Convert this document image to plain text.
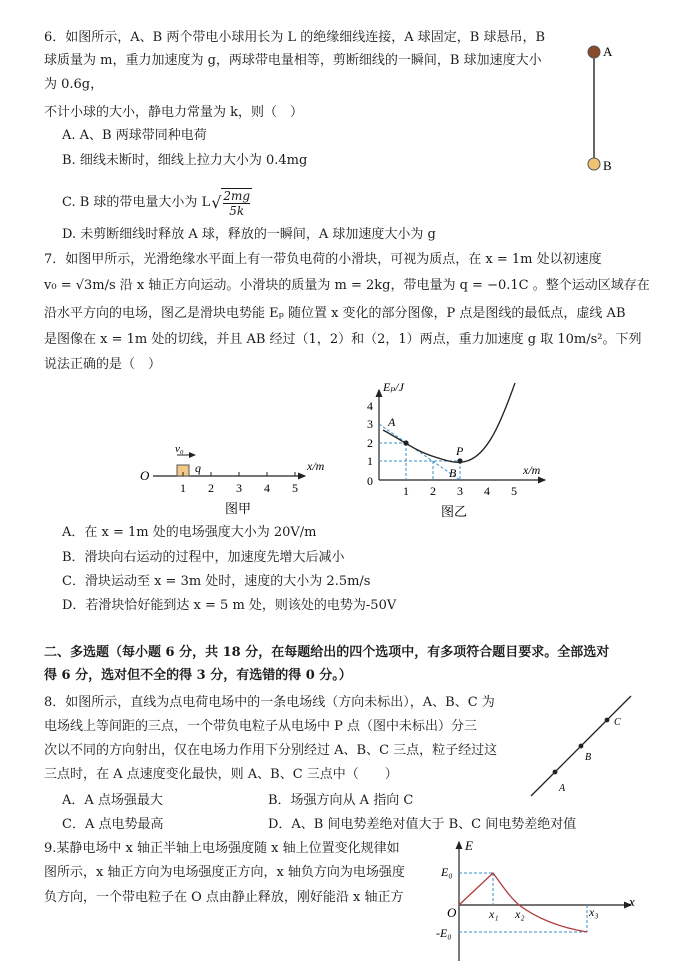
6．如图所示，A、B 两个带电小球用长为 L 的绝缘细线连接，A 球固定，B 球悬吊，B
球质量为 m，重力加速度为 g，两球带电量相等，剪断细线的一瞬间，B 球加速度大小
为 0.6g，
不计小球的大小，静电力常量为 k，则（　）
A. A、B 两球带同种电荷
B. 细线未断时，细线上拉力大小为 0.4mg
C. B 球的带电量大小为 L √ $\frac{2mg}{5k}$
D. 未剪断细线时释放 A 球，释放的一瞬间，A 球加速度大小为 g
A
B
7．如图甲所示，光滑绝缘水平面上有一带负电荷的小滑块，可视为质点，在 x = 1m 处以初速度
v₀ = √3m/s 沿 x 轴正方向运动。小滑块的质量为 m = 2kg，带电量为 q = −0.1C 。整个运动区域存在
沿水平方向的电场，图乙是滑块电势能 Eₚ 随位置 x 变化的部分图像，P 点是图线的最低点，虚线 AB
是图像在 x = 1m 处的切线，并且 AB 经过（1，2）和（2，1）两点，重力加速度 g 取 10m/s²。下列
说法正确的是（　）
O
x/m
v₀
q
1 2 3 4 5
图甲
Eₚ/J
x/m
0
1
2
3
4
1 2 3 4 5
A
B
P
图乙
A．在 x = 1m 处的电场强度大小为 20V/m
B．滑块向右运动的过程中，加速度先增大后减小
C．滑块运动至 x = 3m 处时，速度的大小为 2.5m/s
D．若滑块恰好能到达 x = 5 m 处，则该处的电势为-50V
二、多选题（每小题 6 分，共 18 分，在每题给出的四个选项中，有多项符合题目要求。全部选对
得 6 分，选对但不全的得 3 分，有选错的得 0 分。）
8．如图所示，直线为点电荷电场中的一条电场线（方向未标出），A、B、C 为
电场线上等间距的三点，一个带负电粒子从电场中 P 点（图中未标出）分三
次以不同的方向射出，仅在电场力作用下分别经过 A、B、C 三点，粒子经过这
三点时，在 A 点速度变化最快，则 A、B、C 三点中（　　）
A．A 点场强最大	B．场强方向从 A 指向 C
C．A 点电势最高	D．A、B 间电势差绝对值大于 B、C 间电势差绝对值
A
B
C
9.某静电场中 x 轴正半轴上电场强度随 x 轴上位置变化规律如
图所示，x 轴正方向为电场强度正方向，x 轴负方向为电场强度
负方向，一个带电粒子在 O 点由静止释放，刚好能沿 x 轴正方
E
x
E₀
-E₀
O	x₁ x₂	x₃
